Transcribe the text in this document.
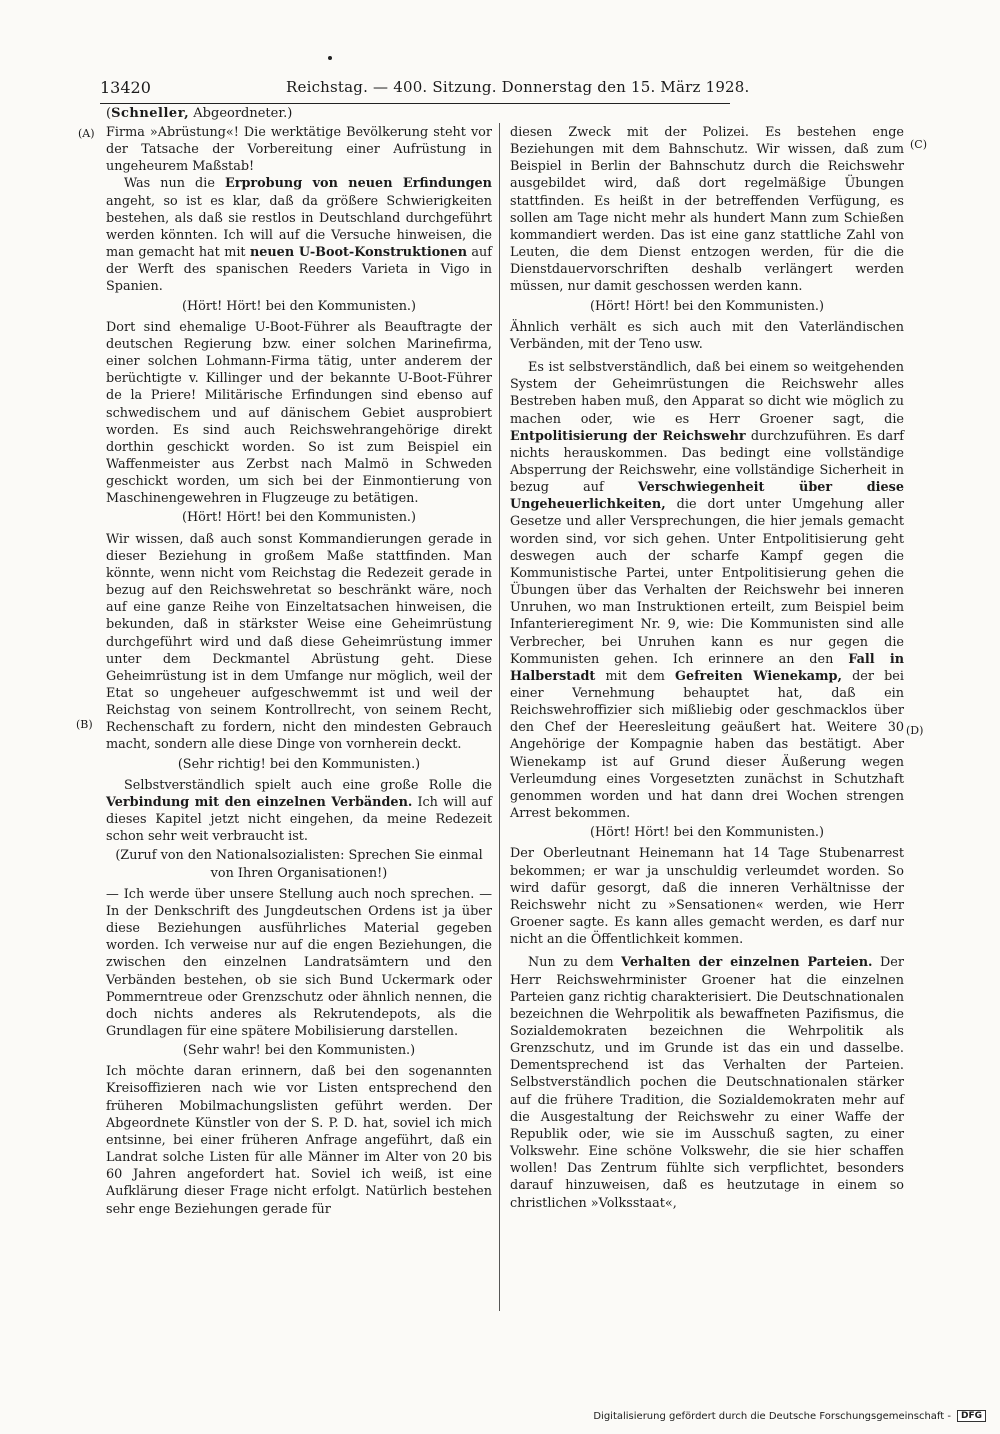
13420	Reichstag. — 400. Sitzung. Donnerstag den 15. März 1928.
(Schneller, Abgeordneter.)
(A)
(B)
(C)
(D)

Firma »Abrüstung«! Die werktätige Bevölkerung steht vor der Tatsache der Vorbereitung einer Aufrüstung in ungeheurem Maßstab!

Was nun die Erprobung von neuen Erfindungen angeht, so ist es klar, daß da größere Schwierigkeiten bestehen, als daß sie restlos in Deutschland durchgeführt werden könnten. Ich will auf die Versuche hinweisen, die man gemacht hat mit neuen U-Boot-Konstruktionen auf der Werft des spanischen Reeders Varieta in Vigo in Spanien.

(Hört! Hört! bei den Kommunisten.)

Dort sind ehemalige U-Boot-Führer als Beauftragte der deutschen Regierung bzw. einer solchen Marinefirma, einer solchen Lohmann-Firma tätig, unter anderem der berüchtigte v. Killinger und der bekannte U-Boot-Führer de la Priere! Militärische Erfindungen sind ebenso auf schwedischem und auf dänischem Gebiet ausprobiert worden. Es sind auch Reichswehrangehörige direkt dorthin geschickt worden. So ist zum Beispiel ein Waffenmeister aus Zerbst nach Malmö in Schweden geschickt worden, um sich bei der Einmontierung von Maschinengewehren in Flugzeuge zu betätigen.

(Hört! Hört! bei den Kommunisten.)

Wir wissen, daß auch sonst Kommandierungen gerade in dieser Beziehung in großem Maße stattfinden. Man könnte, wenn nicht vom Reichstag die Redezeit gerade in bezug auf den Reichswehretat so beschränkt wäre, noch auf eine ganze Reihe von Einzeltatsachen hinweisen, die bekunden, daß in stärkster Weise eine Geheimrüstung durchgeführt wird und daß diese Geheimrüstung immer unter dem Deckmantel Abrüstung geht. Diese Geheimrüstung ist in dem Umfange nur möglich, weil der Etat so ungeheuer aufgeschwemmt ist und weil der Reichstag von seinem Kontrollrecht, von seinem Recht, Rechenschaft zu fordern, nicht den mindesten Gebrauch macht, sondern alle diese Dinge von vornherein deckt.

(Sehr richtig! bei den Kommunisten.)

Selbstverständlich spielt auch eine große Rolle die Verbindung mit den einzelnen Verbänden. Ich will auf dieses Kapitel jetzt nicht eingehen, da meine Redezeit schon sehr weit verbraucht ist.

(Zuruf von den Nationalsozialisten: Sprechen Sie einmal von Ihren Organisationen!)

— Ich werde über unsere Stellung auch noch sprechen. — In der Denkschrift des Jungdeutschen Ordens ist ja über diese Beziehungen ausführliches Material gegeben worden. Ich verweise nur auf die engen Beziehungen, die zwischen den einzelnen Landratsämtern und den Verbänden bestehen, ob sie sich Bund Uckermark oder Pommerntreue oder Grenzschutz oder ähnlich nennen, die doch nichts anderes als Rekrutendepots, als die Grundlagen für eine spätere Mobilisierung darstellen.

(Sehr wahr! bei den Kommunisten.)

Ich möchte daran erinnern, daß bei den sogenannten Kreisoffizieren nach wie vor Listen entsprechend den früheren Mobilmachungslisten geführt werden. Der Abgeordnete Künstler von der S. P. D. hat, soviel ich mich entsinne, bei einer früheren Anfrage angeführt, daß ein Landrat solche Listen für alle Männer im Alter von 20 bis 60 Jahren angefordert hat. Soviel ich weiß, ist eine Aufklärung dieser Frage nicht erfolgt. Natürlich bestehen sehr enge Beziehungen gerade für

diesen Zweck mit der Polizei. Es bestehen enge Beziehungen mit dem Bahnschutz. Wir wissen, daß zum Beispiel in Berlin der Bahnschutz durch die Reichswehr ausgebildet wird, daß dort regelmäßige Übungen stattfinden. Es heißt in der betreffenden Verfügung, es sollen am Tage nicht mehr als hundert Mann zum Schießen kommandiert werden. Das ist eine ganz stattliche Zahl von Leuten, die dem Dienst entzogen werden, für die die Dienstdauervorschriften deshalb verlängert werden müssen, nur damit geschossen werden kann.

(Hört! Hört! bei den Kommunisten.)

Ähnlich verhält es sich auch mit den Vaterländischen Verbänden, mit der Teno usw.

Es ist selbstverständlich, daß bei einem so weitgehenden System der Geheimrüstungen die Reichswehr alles Bestreben haben muß, den Apparat so dicht wie möglich zu machen oder, wie es Herr Groener sagt, die Entpolitisierung der Reichswehr durchzuführen. Es darf nichts herauskommen. Das bedingt eine vollständige Absperrung der Reichswehr, eine vollständige Sicherheit in bezug auf Verschwiegenheit über diese Ungeheuerlichkeiten, die dort unter Umgehung aller Gesetze und aller Versprechungen, die hier jemals gemacht worden sind, vor sich gehen. Unter Entpolitisierung geht deswegen auch der scharfe Kampf gegen die Kommunistische Partei, unter Entpolitisierung gehen die Übungen über das Verhalten der Reichswehr bei inneren Unruhen, wo man Instruktionen erteilt, zum Beispiel beim Infanterieregiment Nr. 9, wie: Die Kommunisten sind alle Verbrecher, bei Unruhen kann es nur gegen die Kommunisten gehen. Ich erinnere an den Fall in Halberstadt mit dem Gefreiten Wienekamp, der bei einer Vernehmung behauptet hat, daß ein Reichswehroffizier sich mißliebig oder geschmacklos über den Chef der Heeresleitung geäußert hat. Weitere 30 Angehörige der Kompagnie haben das bestätigt. Aber Wienekamp ist auf Grund dieser Äußerung wegen Verleumdung eines Vorgesetzten zunächst in Schutzhaft genommen worden und hat dann drei Wochen strengen Arrest bekommen.

(Hört! Hört! bei den Kommunisten.)

Der Oberleutnant Heinemann hat 14 Tage Stubenarrest bekommen; er war ja unschuldig verleumdet worden. So wird dafür gesorgt, daß die inneren Verhältnisse der Reichswehr nicht zu »Sensationen« werden, wie Herr Groener sagte. Es kann alles gemacht werden, es darf nur nicht an die Öffentlichkeit kommen.

Nun zu dem Verhalten der einzelnen Parteien. Der Herr Reichswehrminister Groener hat die einzelnen Parteien ganz richtig charakterisiert. Die Deutschnationalen bezeichnen die Wehrpolitik als bewaffneten Pazifismus, die Sozialdemokraten bezeichnen die Wehrpolitik als Grenzschutz, und im Grunde ist das ein und dasselbe. Dementsprechend ist das Verhalten der Parteien. Selbstverständlich pochen die Deutschnationalen stärker auf die frühere Tradition, die Sozialdemokraten mehr auf die Ausgestaltung der Reichswehr zu einer Waffe der Republik oder, wie sie im Ausschuß sagten, zu einer Volkswehr. Eine schöne Volkswehr, die sie hier schaffen wollen! Das Zentrum fühlte sich verpflichtet, besonders darauf hinzuweisen, daß es heutzutage in einem so christlichen »Volksstaat«,

Digitalisierung gefördert durch die Deutsche Forschungsgemeinschaft -	DFG
